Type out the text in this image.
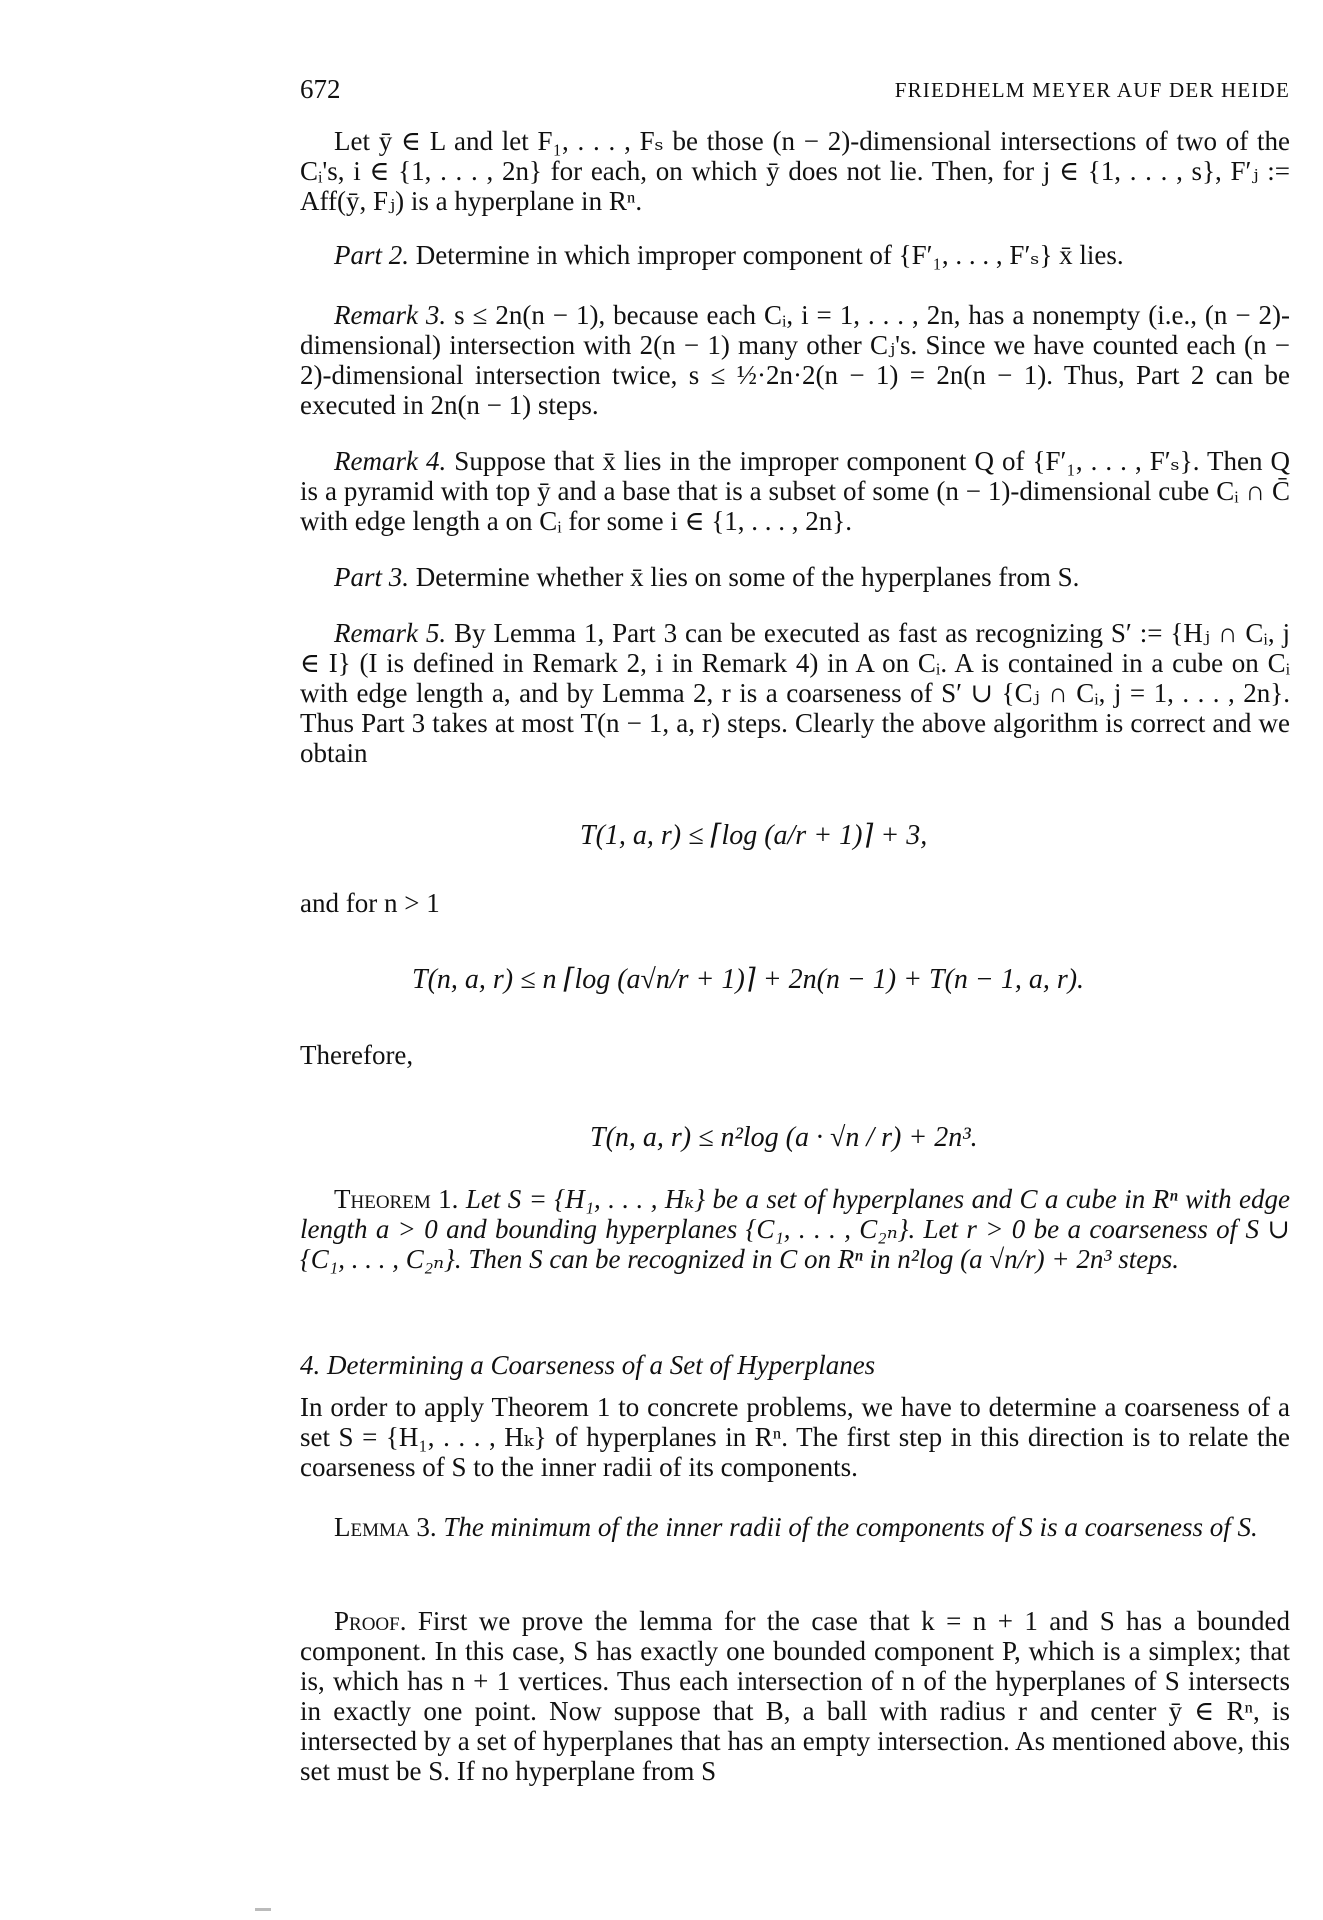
672	FRIEDHELM MEYER AUF DER HEIDE
Let ȳ ∈ L and let F₁, . . . , Fₛ be those (n − 2)-dimensional intersections of two of the Cᵢ's, i ∈ {1, . . . , 2n} for each, on which ȳ does not lie. Then, for j ∈ {1, . . . , s}, F′ⱼ := Aff(ȳ, Fⱼ) is a hyperplane in Rⁿ.
Part 2. Determine in which improper component of {F′₁, . . . , F′ₛ} x̄ lies.
Remark 3. s ≤ 2n(n − 1), because each Cᵢ, i = 1, . . . , 2n, has a nonempty (i.e., (n − 2)-dimensional) intersection with 2(n − 1) many other Cⱼ's. Since we have counted each (n − 2)-dimensional intersection twice, s ≤ ½·2n·2(n − 1) = 2n(n − 1). Thus, Part 2 can be executed in 2n(n − 1) steps.
Remark 4. Suppose that x̄ lies in the improper component Q of {F′₁, . . . , F′ₛ}. Then Q is a pyramid with top ȳ and a base that is a subset of some (n − 1)-dimensional cube Cᵢ ∩ C̄ with edge length a on Cᵢ for some i ∈ {1, . . . , 2n}.
Part 3. Determine whether x̄ lies on some of the hyperplanes from S.
Remark 5. By Lemma 1, Part 3 can be executed as fast as recognizing S′ := {Hⱼ ∩ Cᵢ, j ∈ I} (I is defined in Remark 2, i in Remark 4) in A on Cᵢ. A is contained in a cube on Cᵢ with edge length a, and by Lemma 2, r is a coarseness of S′ ∪ {Cⱼ ∩ Cᵢ, j = 1, . . . , 2n}. Thus Part 3 takes at most T(n − 1, a, r) steps. Clearly the above algorithm is correct and we obtain
T(1, a, r) ≤ ⌈log (a/r + 1)⌉ + 3,
and for n > 1
T(n, a, r) ≤ n ⌈log (a√n/r + 1)⌉ + 2n(n − 1) + T(n − 1, a, r).
Therefore,
T(n, a, r) ≤ n²log (a · √n / r) + 2n³.
Theorem 1. Let S = {H₁, . . . , Hₖ} be a set of hyperplanes and C a cube in Rⁿ with edge length a > 0 and bounding hyperplanes {C₁, . . . , C₂ₙ}. Let r > 0 be a coarseness of S ∪ {C₁, . . . , C₂ₙ}. Then S can be recognized in C on Rⁿ in n²log (a √n/r) + 2n³ steps.
4. Determining a Coarseness of a Set of Hyperplanes
In order to apply Theorem 1 to concrete problems, we have to determine a coarseness of a set S = {H₁, . . . , Hₖ} of hyperplanes in Rⁿ. The first step in this direction is to relate the coarseness of S to the inner radii of its components.
Lemma 3. The minimum of the inner radii of the components of S is a coarseness of S.
Proof. First we prove the lemma for the case that k = n + 1 and S has a bounded component. In this case, S has exactly one bounded component P, which is a simplex; that is, which has n + 1 vertices. Thus each intersection of n of the hyperplanes of S intersects in exactly one point. Now suppose that B, a ball with radius r and center ȳ ∈ Rⁿ, is intersected by a set of hyperplanes that has an empty intersection. As mentioned above, this set must be S. If no hyperplane from S
